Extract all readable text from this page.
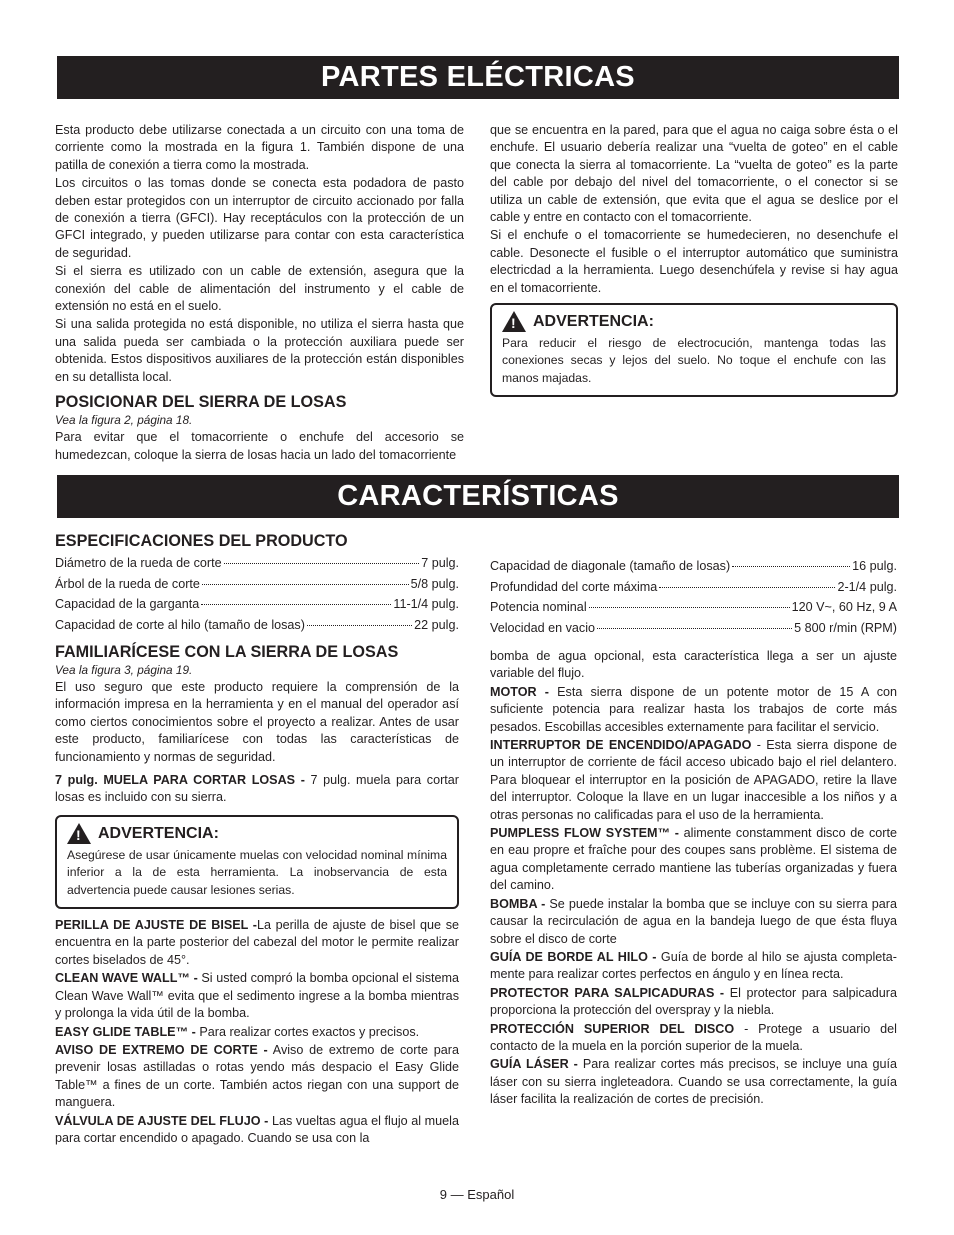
PARTES ELÉCTRICAS

Esta producto debe utilizarse conectada a un circuito con una toma de corriente como la mostrada en la figura 1. También dispone de una patilla de conexión a tierra como la mostrada.

Los circuitos o las tomas donde se conecta esta podadora de pasto deben estar protegidos con un interruptor de circuito accionado por falla de conexión a tierra (GFCI). Hay receptáculos con la protección de un GFCI integrado, y pueden utilizarse para contar con esta característica de seguridad.

Si el sierra es utilizado con un cable de extensión, asegura que la conexión del cable de alimentación del instrumento y el cable de extensión no está en el suelo.

Si una salida protegida no está disponible, no utiliza el sierra hasta que una salida pueda ser cambiada o la protección auxiliara puede ser obtenida. Estos dispositivos auxiliares de la protección están disponibles en su detallista local.

POSICIONAR DEL SIERRA DE LOSAS
Vea la figura 2, página 18.

Para evitar que el tomacorriente o enchufe del accesorio se humedezcan, coloque la sierra de losas hacia un lado del tomacorriente

que se encuentra en la pared, para que el agua no caiga sobre ésta o el enchufe. El usuario debería realizar una “vuelta de goteo” en el cable que conecta la sierra al tomacorriente. La “vuelta de goteo” es la parte del cable por debajo del nivel del tomacorriente, o el conector si se utiliza un cable de extensión, que evita que el agua se deslice por el cable y entre en contacto con el tomacorriente.

Si el enchufe o el tomacorriente se humedecieren, no desenchufe el cable. Desonecte el fusible o el interruptor automático que suministra electricdad a la herramienta. Luego desenchúfela y revise si hay agua en el tomacorriente.

!
ADVERTENCIA:
Para reducir el riesgo de electrocución, mantenga todas las conexiones secas y lejos del suelo. No toque el enchufe con las manos majadas.
CARACTERÍSTICAS
ESPECIFICACIONES DEL PRODUCTO
Diámetro de la rueda de corte	7 pulg.
Árbol de la rueda de corte	5/8 pulg.
Capacidad de la garganta	11-1/4 pulg.
Capacidad de corte al hilo (tamaño de losas)	22 pulg.
FAMILIARÍCESE CON LA SIERRA DE LOSAS
Vea la figura 3, página 19.

El uso seguro que este producto requiere la comprensión de la información impresa en la herramienta y en el manual del operador así como ciertos conocimientos sobre el proyecto a realizar. Antes de usar este producto, familiarícese con todas las características de funcionamiento y normas de seguridad.

7 pulg. MUELA PARA CORTAR LOSAS - 7 pulg. muela para cortar losas es incluido con su sierra.

!
ADVERTENCIA:
Asegúrese de usar únicamente muelas con velocidad nominal mínima inferior a la de esta herramienta. La inobservancia de esta advertencia puede causar lesiones serias.

PERILLA DE AJUSTE DE BISEL -La perilla de ajuste de bisel que se encuentra en la parte posterior del cabezal del motor le permite realizar cortes biselados de 45°.

CLEAN WAVE WALL™ - Si usted compró la bomba opcional el sistema Clean Wave Wall™ evita que el sedimento ingrese a la bomba mientras y prolonga la vida útil de la bomba.

EASY GLIDE TABLE™ - Para realizar cortes exactos y precisos.

AVISO DE EXTREMO DE CORTE - Aviso de extremo de corte para prevenir losas astilladas o rotas yendo más despacio el Easy Glide Table™ a fines de un corte. También actos riegan con una support de manguera.

VÁLVULA DE AJUSTE DEL FLUJO - Las vueltas agua el flujo al muela para cortar encendido o apagado. Cuando se usa con la

Capacidad de diagonale (tamaño de losas)	16 pulg.
Profundidad del corte máxima	2-1/4 pulg.
Potencia nominal	120 V~, 60 Hz, 9 A
Velocidad en vacio	5 800 r/min (RPM)

bomba de agua opcional, esta característica llega a ser un ajuste variable del flujo.

MOTOR - Esta sierra dispone de un potente motor de 15 A con suficiente potencia para realizar hasta los trabajos de corte más pesados. Escobillas accesibles externamente para facilitar el servicio.

INTERRUPTOR DE ENCENDIDO/APAGADO - Esta sierra dispone de un interruptor de corriente de fácil acceso ubicado bajo el riel delantero. Para bloquear el interruptor en la posición de APAGADO, retire la llave del interruptor. Coloque la llave en un lugar inaccesible a los niños y a otras personas no calificadas para el uso de la herramienta.

PUMPLESS FLOW SYSTEM™ - alimente constamment disco de corte en eau propre et fraîche pour des coupes sans problème. El sistema de agua completamente cerrado mantiene las tuberías organizadas y fuera del camino.

BOMBA - Se puede instalar la bomba que se incluye con su sierra para causar la recirculación de agua en la bandeja luego de que ésta fluya sobre el disco de corte

GUÍA DE BORDE AL HILO - Guía de borde al hilo se ajusta completa- mente para realizar cortes perfectos en ángulo y en línea recta.

PROTECTOR PARA SALPICADURAS - El protector para salpicadura proporciona la protección del overspray y la niebla.

PROTECCIÓN SUPERIOR DEL DISCO - Protege a usuario del contacto de la muela en la porción superior de la muela.

GUÍA LÁSER - Para realizar cortes más precisos, se incluye una guía láser con su sierra ingleteadora. Cuando se usa correctamente, la guía láser facilita la realización de cortes de precisión.

9 — Español
